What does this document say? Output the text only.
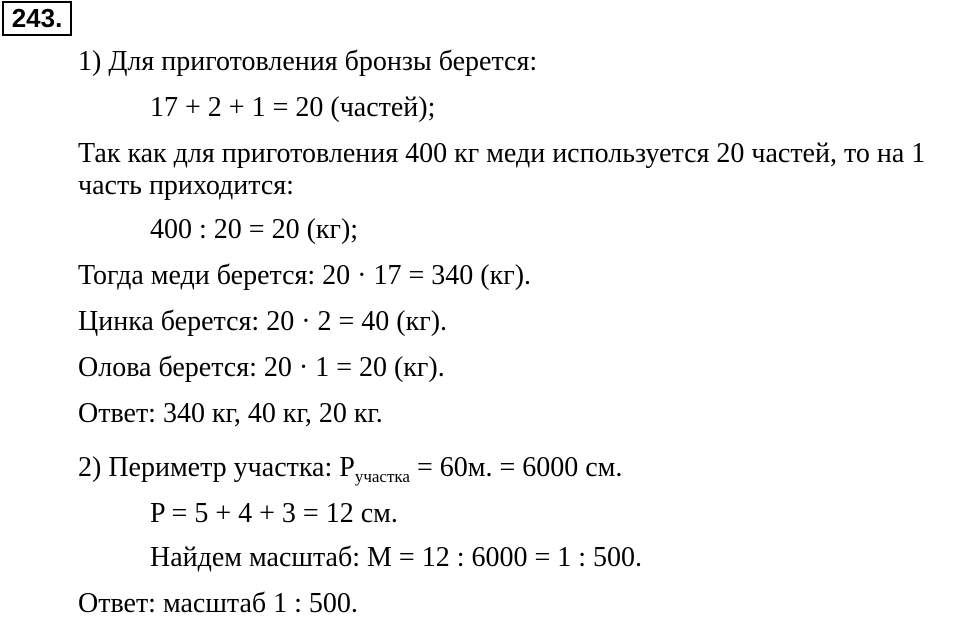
243.
1) Для приготовления бронзы берется:
17 + 2 + 1 = 20 (частей);
Так как для приготовления 400 кг меди используется 20 частей, то на 1
часть приходится:
400 : 20 = 20 (кг);
Тогда меди берется: 20 · 17 = 340 (кг).
Цинка берется: 20 · 2 = 40 (кг).
Олова берется: 20 · 1 = 20 (кг).
Ответ: 340 кг, 40 кг, 20 кг.
2) Периметр участка: $P_{участка} = 60м$. = 6000 см.
P = 5 + 4 + 3 = 12 см.
Найдем масштаб: M = 12 : 6000 = 1 : 500.
Ответ: масштаб 1 : 500.
